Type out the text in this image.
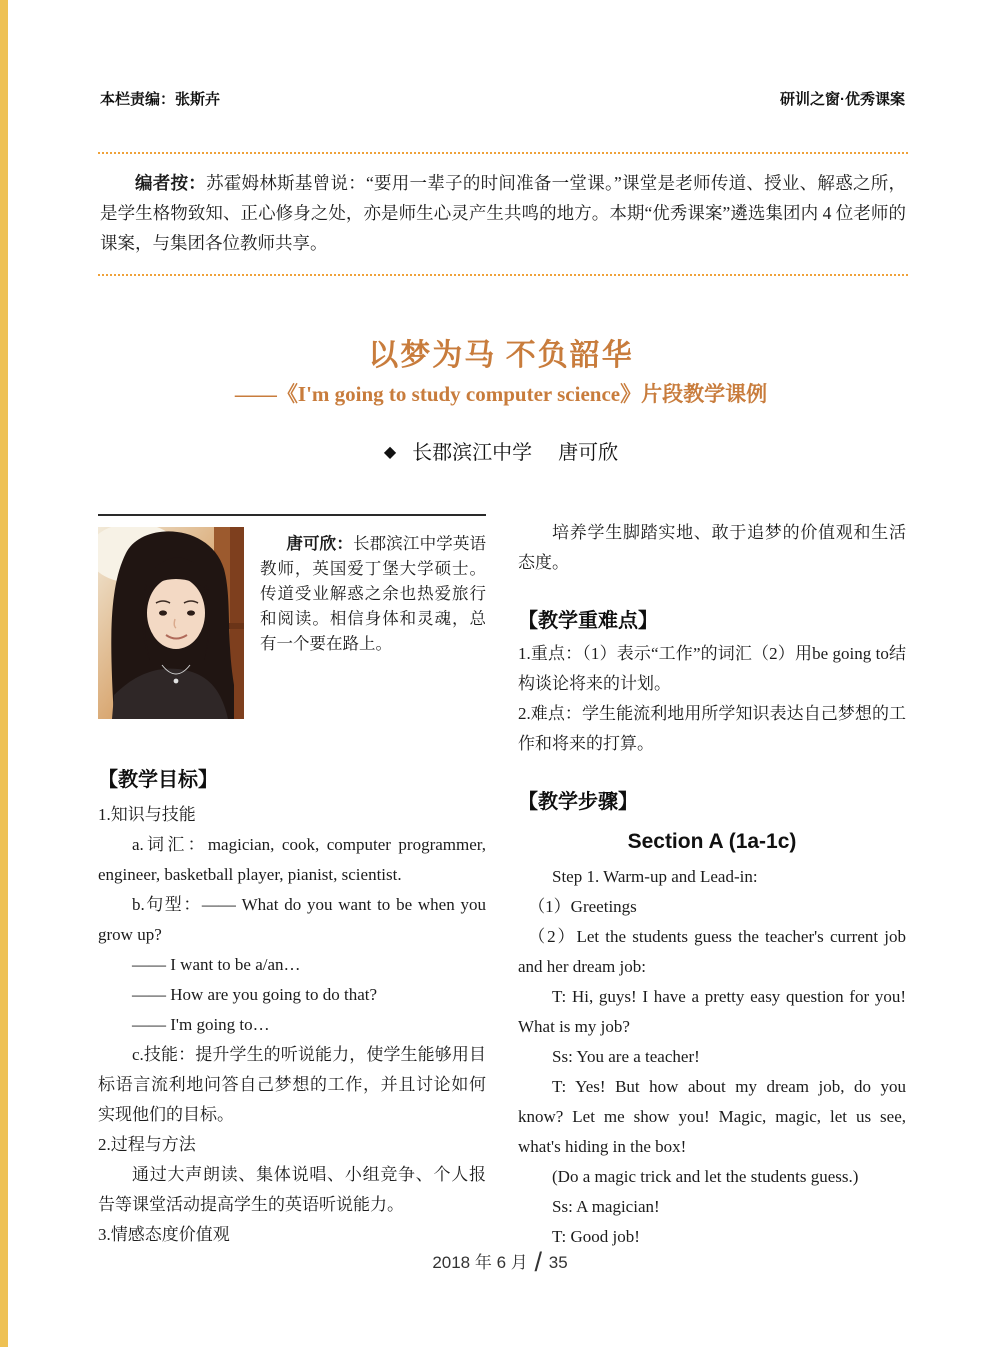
本栏责编：张斯卉	研训之窗·优秀课案

编者按：苏霍姆林斯基曾说：“要用一辈子的时间准备一堂课。”课堂是老师传道、授业、解惑之所，是学生格物致知、正心修身之处，亦是师生心灵产生共鸣的地方。本期“优秀课案”遴选集团内 4 位老师的课案，与集团各位教师共享。

以梦为马 不负韶华
——《I'm going to study computer science》片段教学课例
◆ 长郡滨江中学 唐可欣

唐可欣：长郡滨江中学英语教师，英国爱丁堡大学硕士。传道受业解惑之余也热爱旅行和阅读。相信身体和灵魂，总有一个要在路上。

【教学目标】

1.知识与技能

a.词汇：magician, cook, computer programmer, engineer, basketball player, pianist, scientist.

b.句型：—— What do you want to be when you grow up?

—— I want to be a/an…

—— How are you going to do that?

—— I'm going to…

c.技能：提升学生的听说能力，使学生能够用目标语言流利地问答自己梦想的工作，并且讨论如何实现他们的目标。

2.过程与方法

通过大声朗读、集体说唱、小组竞争、个人报告等课堂活动提高学生的英语听说能力。

3.情感态度价值观

培养学生脚踏实地、敢于追梦的价值观和生活态度。

【教学重难点】

1.重点：（1）表示“工作”的词汇（2）用be going to结构谈论将来的计划。

2.难点：学生能流利地用所学知识表达自己梦想的工作和将来的打算。

【教学步骤】
Section A (1a-1c)

Step 1. Warm-up and Lead-in:

（1）Greetings

（2）Let the students guess the teacher's current job and her dream job:

T: Hi, guys! I have a pretty easy question for you! What is my job?

Ss: You are a teacher!

T: Yes! But how about my dream job, do you know? Let me show you! Magic, magic, let us see, what's hiding in the box!

(Do a magic trick and let the students guess.)

Ss: A magician!

T: Good job!

2018 年 6 月 / 35
